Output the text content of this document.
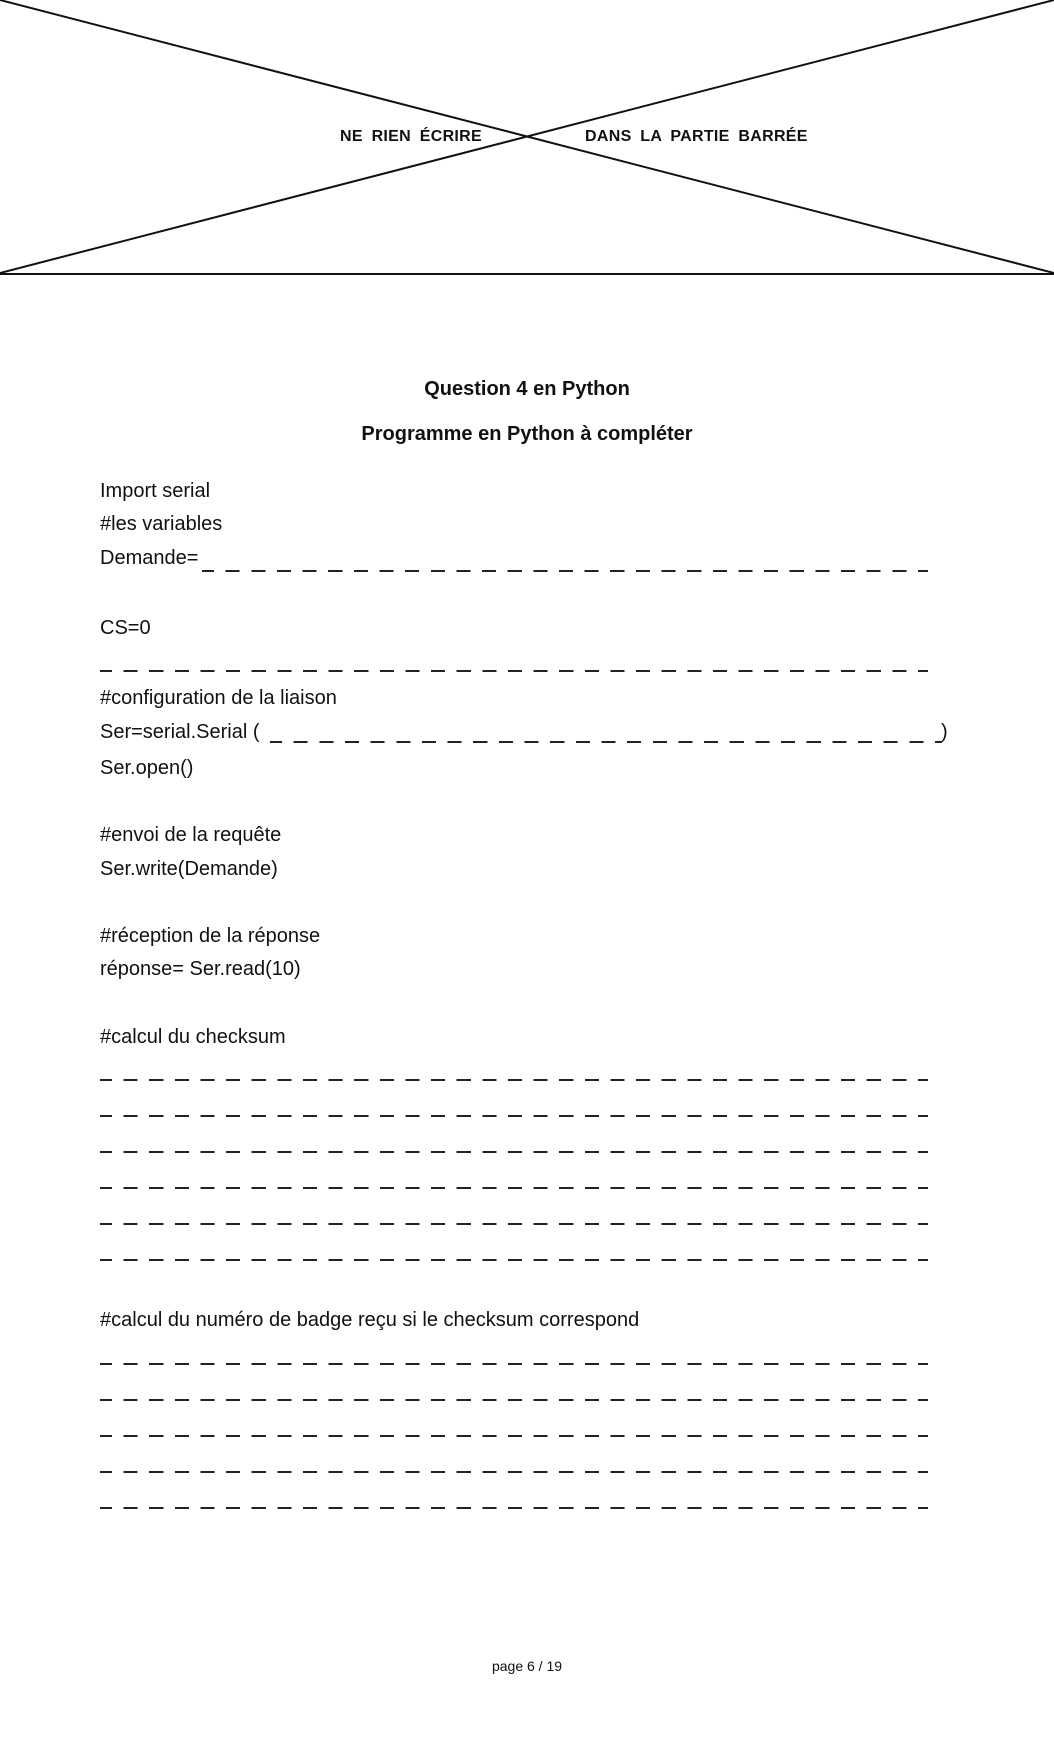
NE RIEN ÉCRIRE	DANS LA PARTIE BARRÉE
Question 4 en Python
Programme en Python à compléter
Import serial
#les variables
Demande=
CS=0
#configuration de la liaison
Ser=serial.Serial (	)
Ser.open()
#envoi de la requête
Ser.write(Demande)
#réception de la réponse
réponse= Ser.read(10)
#calcul du checksum
#calcul du numéro de badge reçu si le checksum correspond
page 6 / 19
